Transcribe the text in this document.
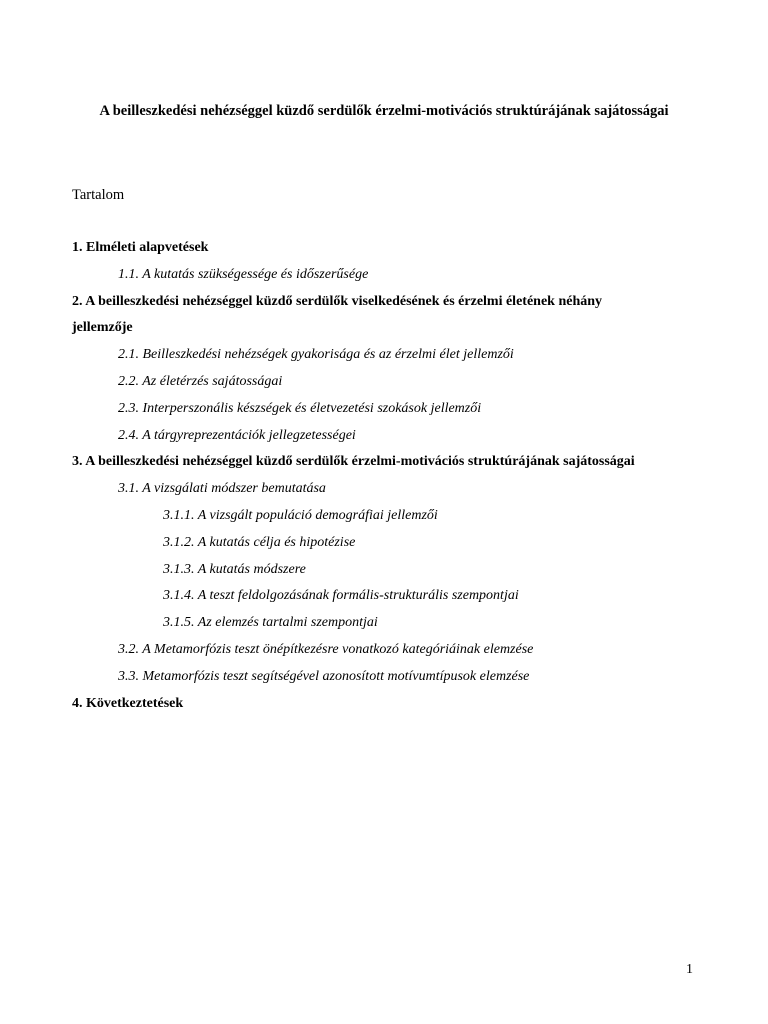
A beilleszkedési nehézséggel küzdő serdülők érzelmi-motivációs struktúrájának sajátosságai
Tartalom
1. Elméleti alapvetések
1.1. A kutatás szükségessége és időszerűsége
2. A beilleszkedési nehézséggel küzdő serdülők viselkedésének és érzelmi életének néhány
jellemzője
2.1. Beilleszkedési nehézségek gyakorisága és az érzelmi élet jellemzői
2.2. Az életérzés sajátosságai
2.3. Interperszonális készségek és életvezetési szokások jellemzői
2.4. A tárgyreprezentációk jellegzetességei
3. A beilleszkedési nehézséggel küzdő serdülők érzelmi-motivációs struktúrájának sajátosságai
3.1. A vizsgálati módszer bemutatása
3.1.1. A vizsgált populáció demográfiai jellemzői
3.1.2. A kutatás célja és hipotézise
3.1.3. A kutatás módszere
3.1.4. A teszt feldolgozásának formális-strukturális szempontjai
3.1.5. Az elemzés tartalmi szempontjai
3.2. A Metamorfózis teszt önépítkezésre vonatkozó kategóriáinak elemzése
3.3. Metamorfózis teszt segítségével azonosított motívumtípusok elemzése
4. Következtetések
1
